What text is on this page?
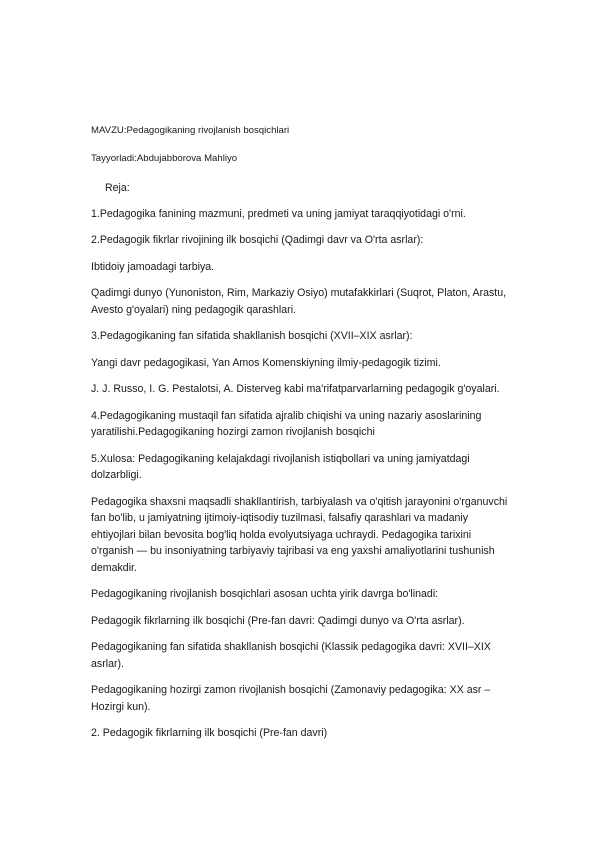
MAVZU:Pedagogikaning rivojlanish bosqichlari

Tayyorladi:Abdujabborova Mahliyo

Reja:

1.Pedagogika fanining mazmuni, predmeti va uning jamiyat taraqqiyotidagi o'rni.

2.Pedagogik fikrlar rivojining ilk bosqichi (Qadimgi davr va O'rta asrlar):

Ibtidoiy jamoadagi tarbiya.

Qadimgi dunyo (Yunoniston, Rim, Markaziy Osiyo) mutafakkirlari (Suqrot, Platon, Arastu, Avesto g'oyalari) ning pedagogik qarashlari.

3.Pedagogikaning fan sifatida shakllanish bosqichi (XVII–XIX asrlar):

Yangi davr pedagogikasi, Yan Amos Komenskiyning ilmiy-pedagogik tizimi.

J. J. Russo, I. G. Pestalotsi, A. Disterveg kabi ma'rifatparvarlarning pedagogik g'oyalari.

4.Pedagogikaning mustaqil fan sifatida ajralib chiqishi va uning nazariy asoslarining yaratilishi.Pedagogikaning hozirgi zamon rivojlanish bosqichi

5.Xulosa: Pedagogikaning kelajakdagi rivojlanish istiqbollari va uning jamiyatdagi dolzarbligi.

Pedagogika shaxsni maqsadli shakllantirish, tarbiyalash va o'qitish jarayonini o'rganuvchi fan bo'lib, u jamiyatning ijtimoiy-iqtisodiy tuzilmasi, falsafiy qarashlari va madaniy ehtiyojlari bilan bevosita bog'liq holda evolyutsiyaga uchraydi. Pedagogika tarixini o'rganish — bu insoniyatning tarbiyaviy tajribasi va eng yaxshi amaliyotlarini tushunish demakdir.

Pedagogikaning rivojlanish bosqichlari asosan uchta yirik davrga bo'linadi:

Pedagogik fikrlarning ilk bosqichi (Pre-fan davri: Qadimgi dunyo va O'rta asrlar).

Pedagogikaning fan sifatida shakllanish bosqichi (Klassik pedagogika davri: XVII–XIX asrlar).

Pedagogikaning hozirgi zamon rivojlanish bosqichi (Zamonaviy pedagogika: XX asr – Hozirgi kun).

2. Pedagogik fikrlarning ilk bosqichi (Pre-fan davri)
